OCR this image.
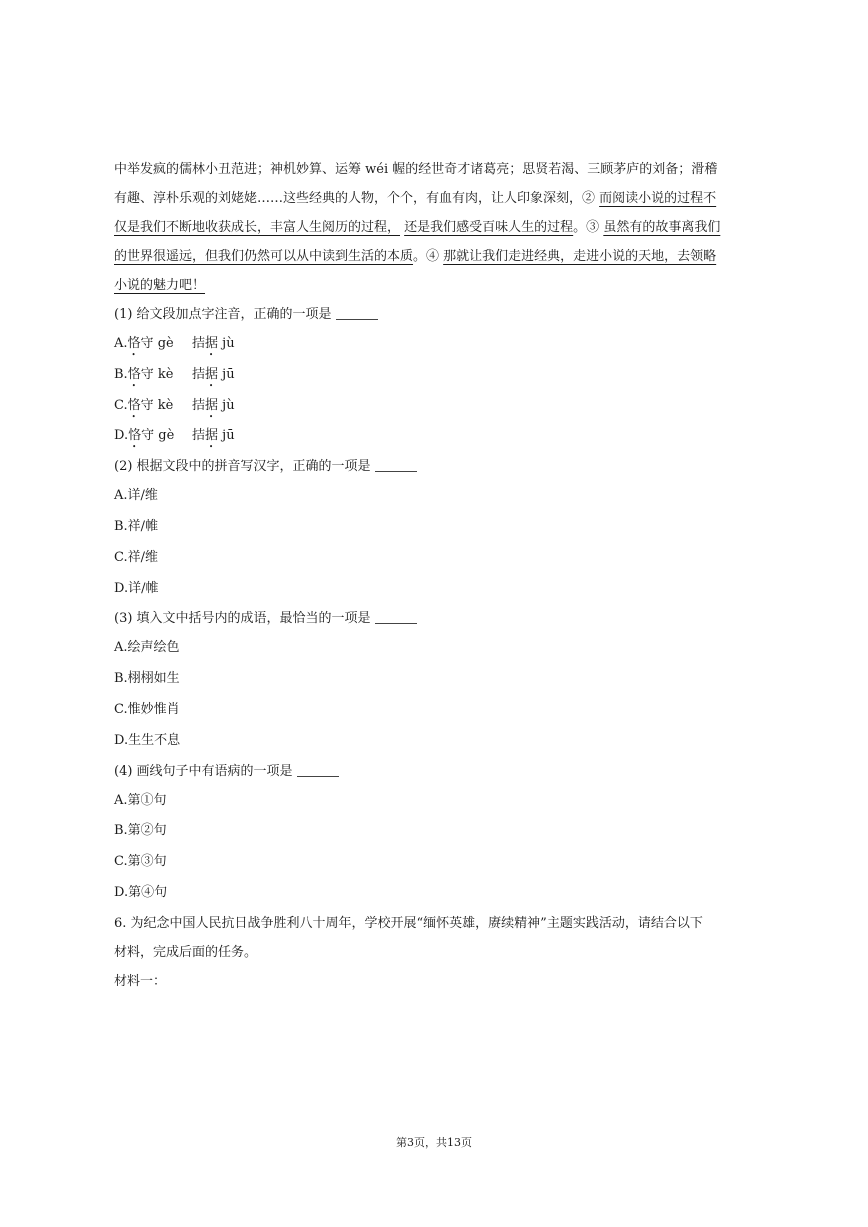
中举发疯的儒林小丑范进；神机妙算、运筹 wéi 幄的经世奇才诸葛亮；思贤若渴、三顾茅庐的刘备；滑稽
有趣、淳朴乐观的刘姥姥……这些经典的人物，个个，有血有肉，让人印象深刻，② 而阅读小说的过程不
仅是我们不断地收获成长，丰富人生阅历的过程， 还是我们感受百味人生的过程。③ 虽然有的故事离我们
的世界很遥远，但我们仍然可以从中读到生活的本质。④ 那就让我们走进经典，走进小说的天地，去领略
小说的魅力吧！
(1) 给文段加点字注音，正确的一项是
A.恪守 gè 拮据 jù
B.恪守 kè 拮据 jū
C.恪守 kè 拮据 jù
D.恪守 gè 拮据 jū
(2) 根据文段中的拼音写汉字，正确的一项是
A.详/维
B.祥/帷
C.祥/维
D.详/帷
(3) 填入文中括号内的成语，最恰当的一项是
A.绘声绘色
B.栩栩如生
C.惟妙惟肖
D.生生不息
(4) 画线句子中有语病的一项是
A.第①句
B.第②句
C.第③句
D.第④句
6. 为纪念中国人民抗日战争胜利八十周年，学校开展“缅怀英雄，赓续精神”主题实践活动，请结合以下
材料，完成后面的任务。
材料一：
第3页，共13页
